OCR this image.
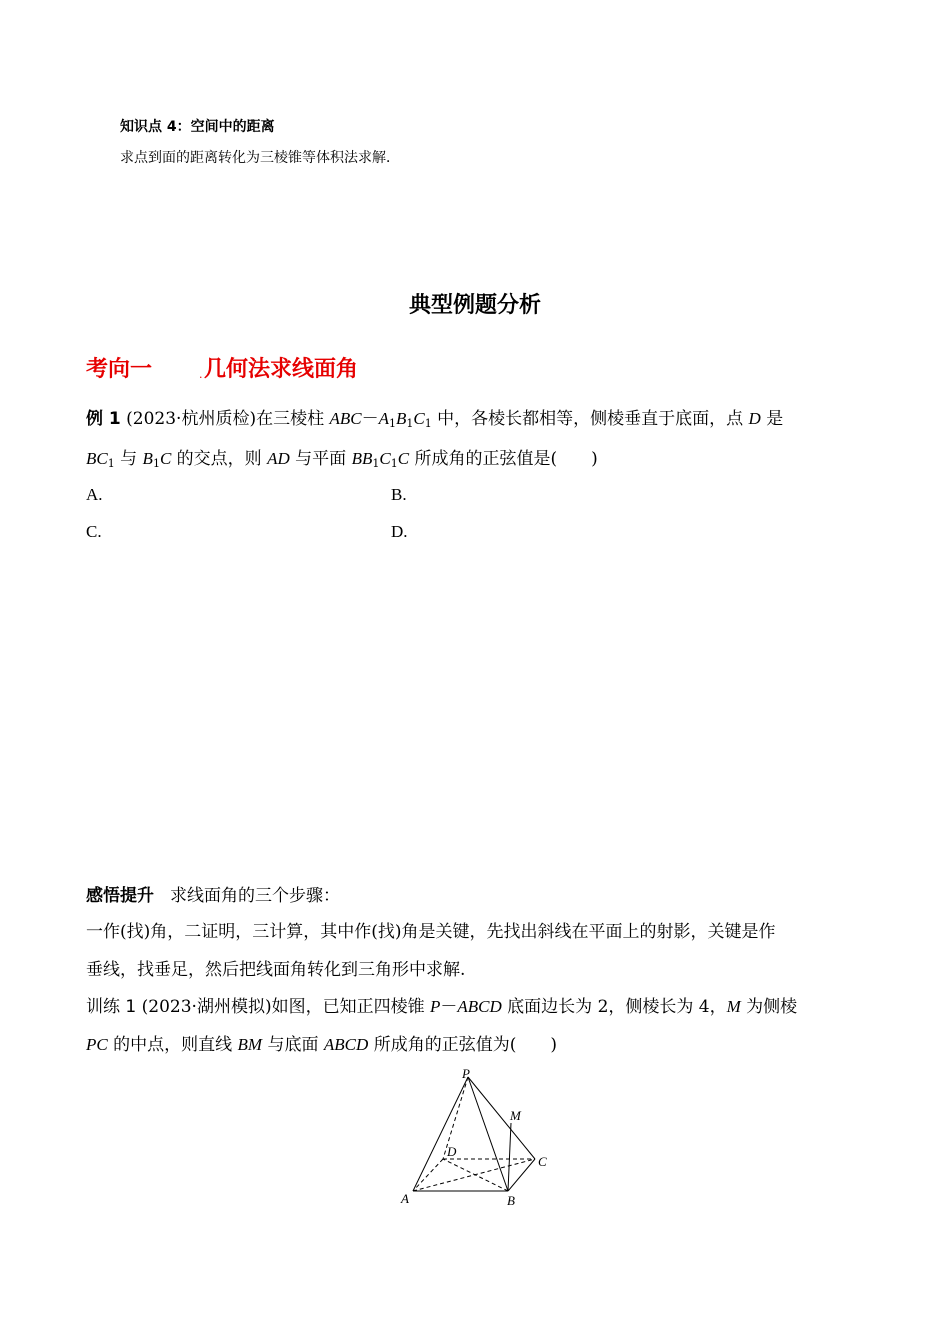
知识点 4：空间中的距离
求点到面的距离转化为三棱锥等体积法求解．
典型例题分析
考向一	. 几何法求线面角
例 1 (2023·杭州质检)在三棱柱 $ABC-A_1B_1C_1$ 中，各棱长都相等，侧棱垂直于底面，点 D 是
$BC_1$ 与 $B_1C$ 的交点，则 AD 与平面 $BB_1C_1C$ 所成角的正弦值是(　　)
A.	B.
C.	D.
感悟提升 求线面角的三个步骤：
一作(找)角，二证明，三计算，其中作(找)角是关键，先找出斜线在平面上的射影，关键是作
垂线，找垂足，然后把线面角转化到三角形中求解.
训练 1 (2023·湖州模拟)如图，已知正四棱锥 P－ABCD 底面边长为 2，侧棱长为 4，M 为侧棱
PC 的中点，则直线 BM 与底面 ABCD 所成角的正弦值为(　　)
P
M
D
C
A	B
